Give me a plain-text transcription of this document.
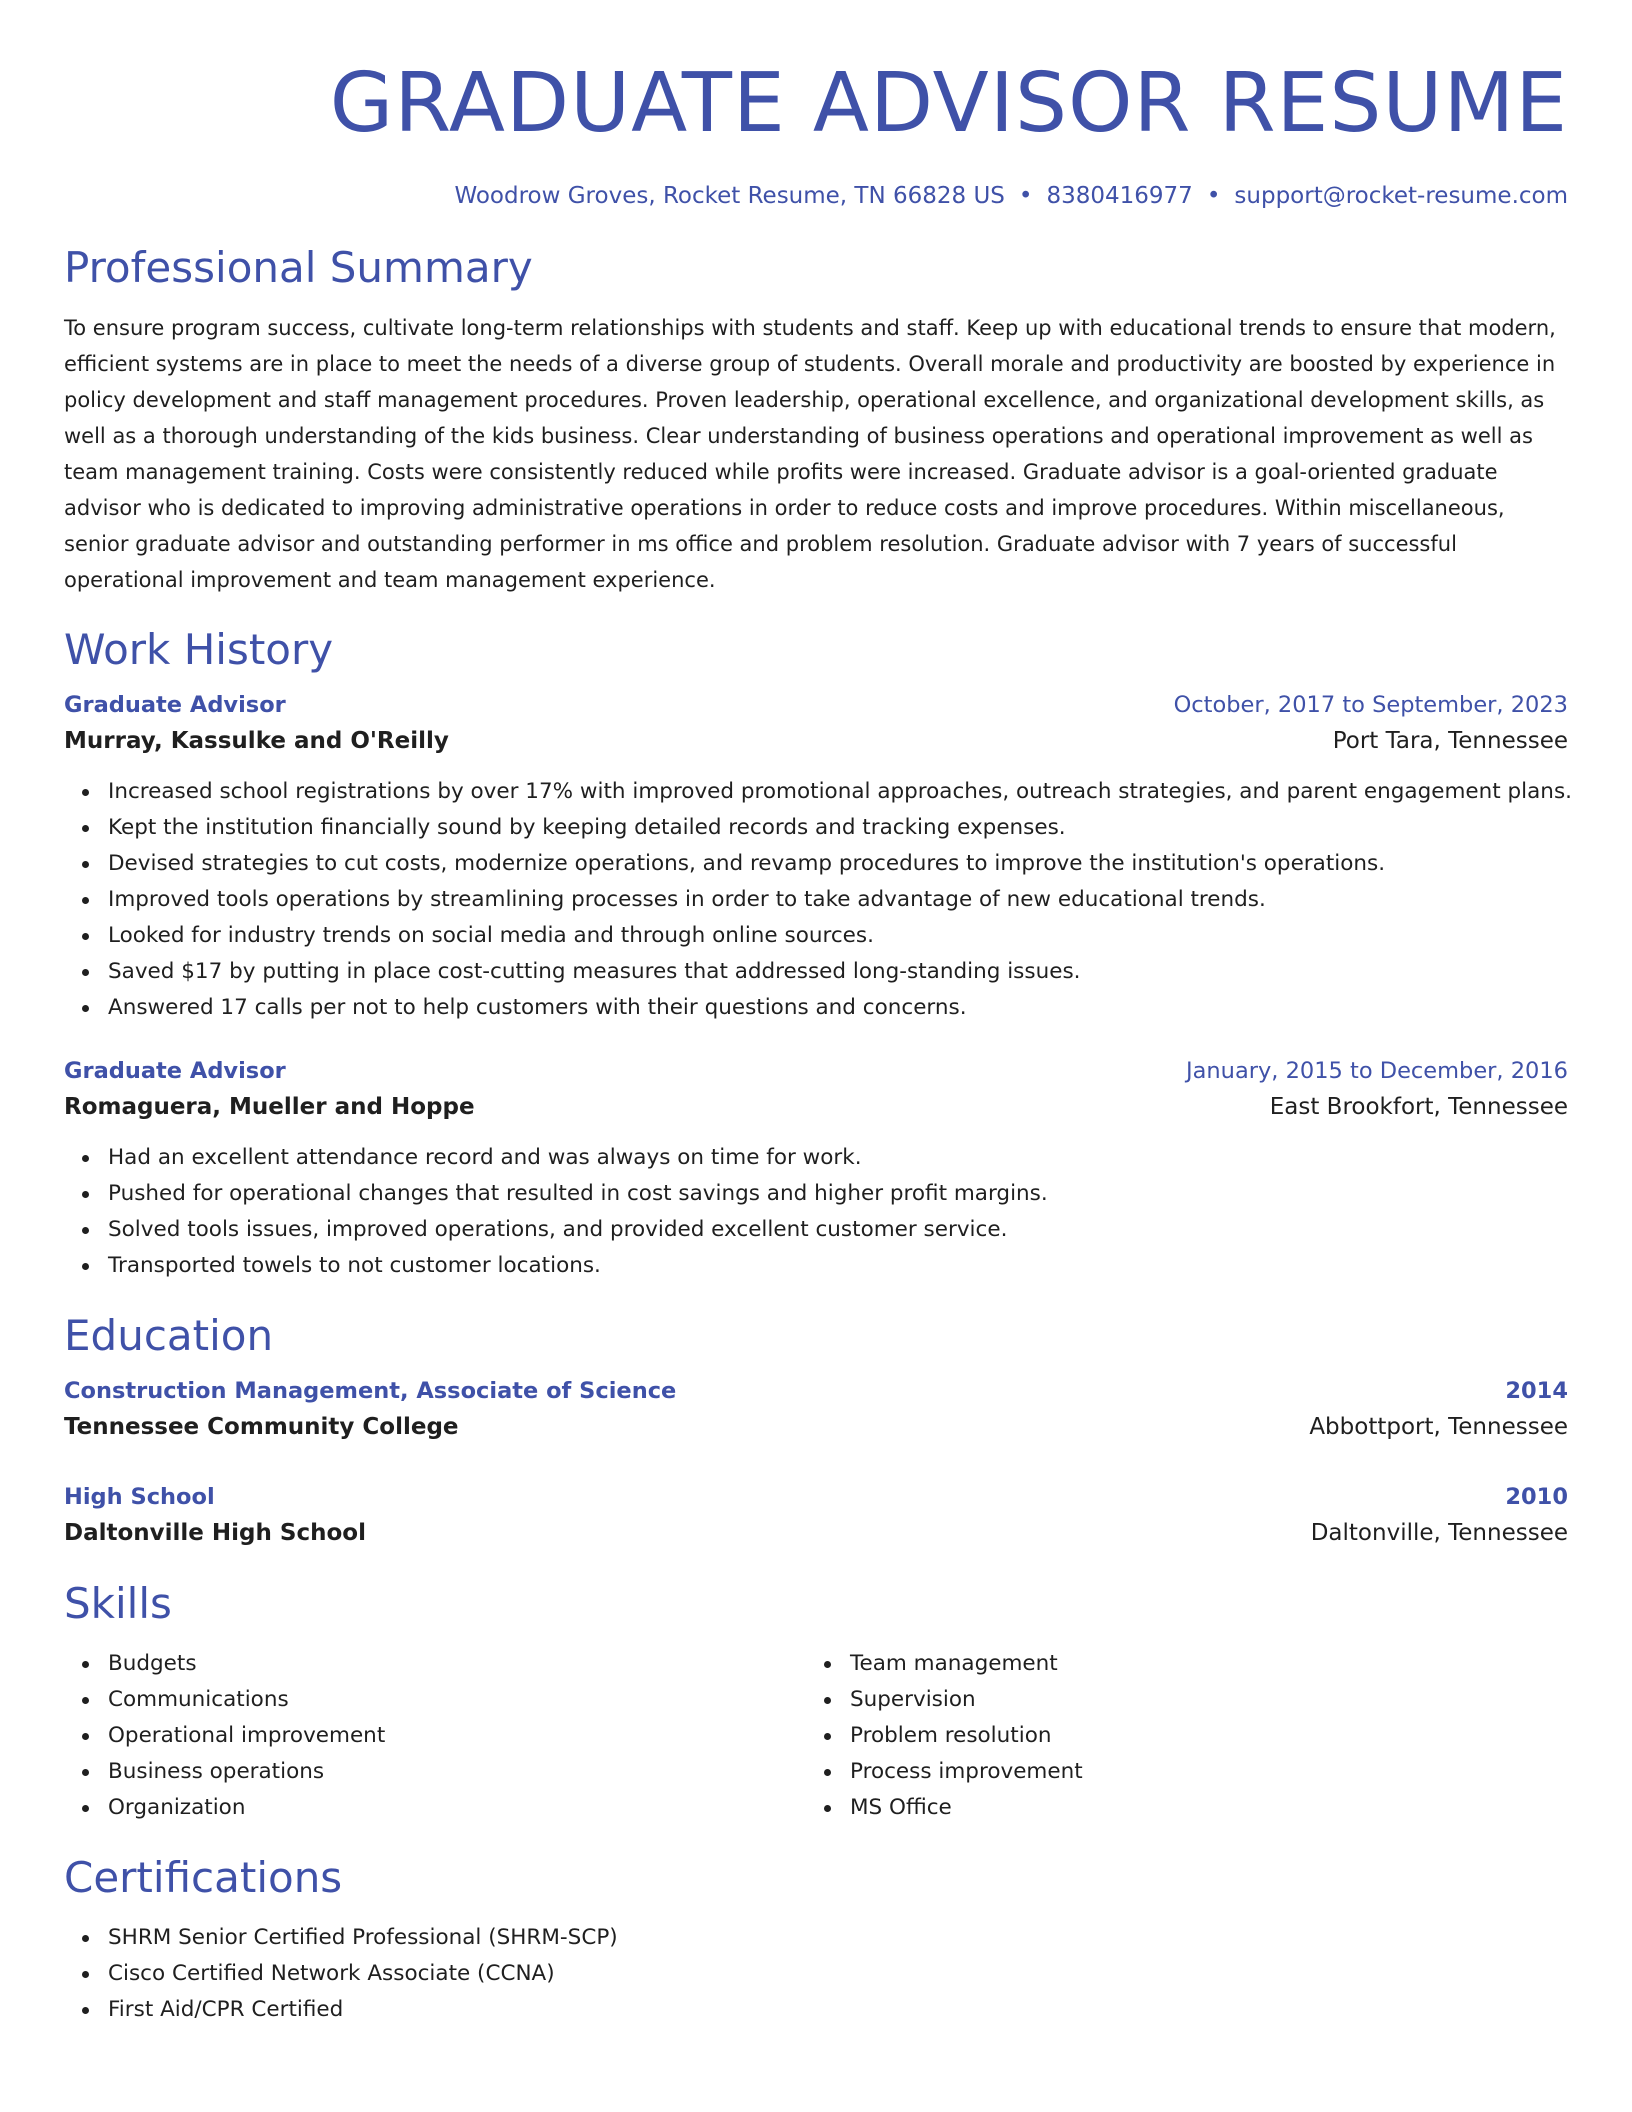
GRADUATE ADVISOR RESUME
Woodrow Groves, Rocket Resume, TN 66828 US • 8380416977 • support@rocket-resume.com
Professional Summary

To ensure program success, cultivate long-term relationships with students and staff. Keep up with educational trends to ensure that modern, efficient systems are in place to meet the needs of a diverse group of students. Overall morale and productivity are boosted by experience in policy development and staff management procedures. Proven leadership, operational excellence, and organizational development skills, as well as a thorough understanding of the kids business. Clear understanding of business operations and operational improvement as well as team management training. Costs were consistently reduced while profits were increased. Graduate advisor is a goal-oriented graduate advisor who is dedicated to improving administrative operations in order to reduce costs and improve procedures. Within miscellaneous, senior graduate advisor and outstanding performer in ms office and problem resolution. Graduate advisor with 7 years of successful operational improvement and team management experience.

Work History
Graduate Advisor	October, 2017 to September, 2023
Murray, Kassulke and O'Reilly	Port Tara, Tennessee
Increased school registrations by over 17% with improved promotional approaches, outreach strategies, and parent engagement plans.
Kept the institution financially sound by keeping detailed records and tracking expenses.
Devised strategies to cut costs, modernize operations, and revamp procedures to improve the institution's operations.
Improved tools operations by streamlining processes in order to take advantage of new educational trends.
Looked for industry trends on social media and through online sources.
Saved $17 by putting in place cost-cutting measures that addressed long-standing issues.
Answered 17 calls per not to help customers with their questions and concerns.
Graduate Advisor	January, 2015 to December, 2016
Romaguera, Mueller and Hoppe	East Brookfort, Tennessee
Had an excellent attendance record and was always on time for work.
Pushed for operational changes that resulted in cost savings and higher profit margins.
Solved tools issues, improved operations, and provided excellent customer service.
Transported towels to not customer locations.
Education
Construction Management, Associate of Science	2014
Tennessee Community College	Abbottport, Tennessee
High School	2010
Daltonville High School	Daltonville, Tennessee
Skills
Budgets
Communications
Operational improvement
Business operations
Organization
Team management
Supervision
Problem resolution
Process improvement
MS Office
Certifications
SHRM Senior Certified Professional (SHRM-SCP)
Cisco Certified Network Associate (CCNA)
First Aid/CPR Certified
